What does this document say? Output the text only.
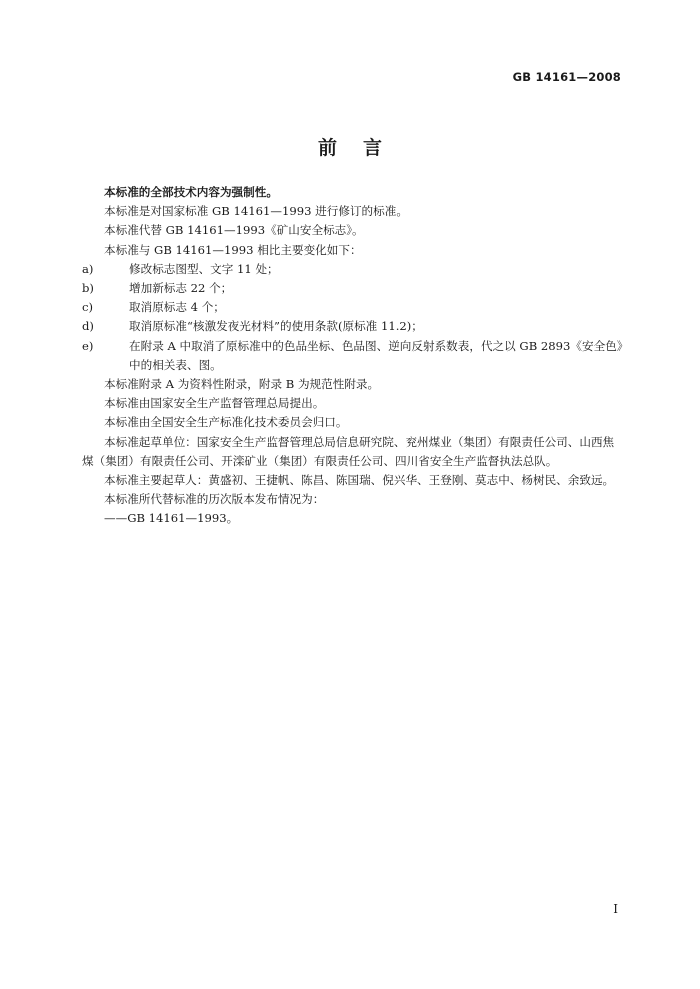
GB 14161—2008
前言

本标准的全部技术内容为强制性。

本标准是对国家标准 GB 14161—1993 进行修订的标准。

本标准代替 GB 14161—1993《矿山安全标志》。

本标准与 GB 14161—1993 相比主要变化如下：

a)	修改标志图型、文字 11 处；
b)	增加新标志 22 个；
c)	取消原标志 4 个；
d)	取消原标准“核激发夜光材料”的使用条款(原标准 11.2)；
e)	在附录 A 中取消了原标准中的色品坐标、色品图、逆向反射系数表，代之以 GB 2893《安全色》中的相关表、图。

本标准附录 A 为资料性附录，附录 B 为规范性附录。

本标准由国家安全生产监督管理总局提出。

本标准由全国安全生产标准化技术委员会归口。

本标准起草单位：国家安全生产监督管理总局信息研究院、兖州煤业（集团）有限责任公司、山西焦煤（集团）有限责任公司、开滦矿业（集团）有限责任公司、四川省安全生产监督执法总队。

本标准主要起草人：黄盛初、王捷帆、陈昌、陈国瑞、倪兴华、王登刚、莫志中、杨树民、余致远。

本标准所代替标准的历次版本发布情况为：

——GB 14161—1993。

I
